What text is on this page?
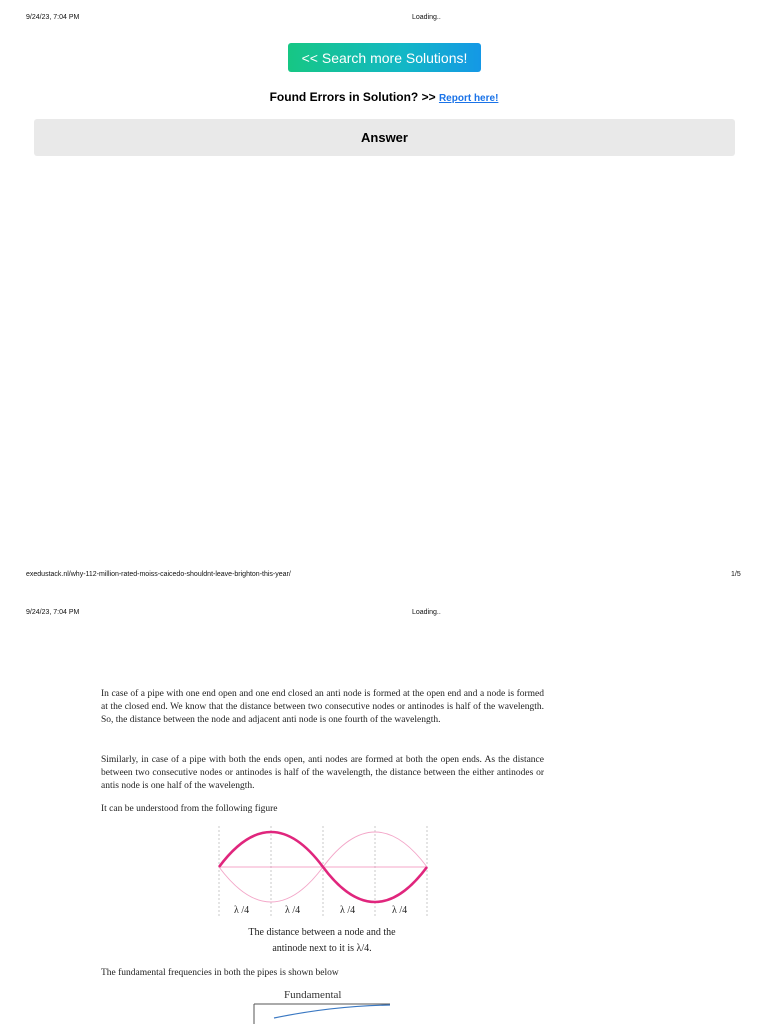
9/24/23, 7:04 PM	Loading..
<< Search more Solutions!
Found Errors in Solution? >> Report here!
Answer
exedustack.nl/why-112-million-rated-moiss-caicedo-shouldnt-leave-brighton-this-year/	1/5
9/24/23, 7:04 PM	Loading..
In case of a pipe with one end open and one end closed an anti node is formed at the open end and a node is formed at the closed end. We know that the distance between two consecutive nodes or antinodes is half of the wavelength. So, the distance between the node and adjacent anti node is one fourth of the wavelength.
Similarly, in case of a pipe with both the ends open, anti nodes are formed at both the open ends. As the distance between two consecutive nodes or antinodes is half of the wavelength, the distance between the either antinodes or antis node is one half of the wavelength.
It can be understood from the following figure
λ /4	λ /4	λ /4	λ /4
The distance between a node and the
antinode next to it is λ/4.
The fundamental frequencies in both the pipes is shown below
Fundamental
